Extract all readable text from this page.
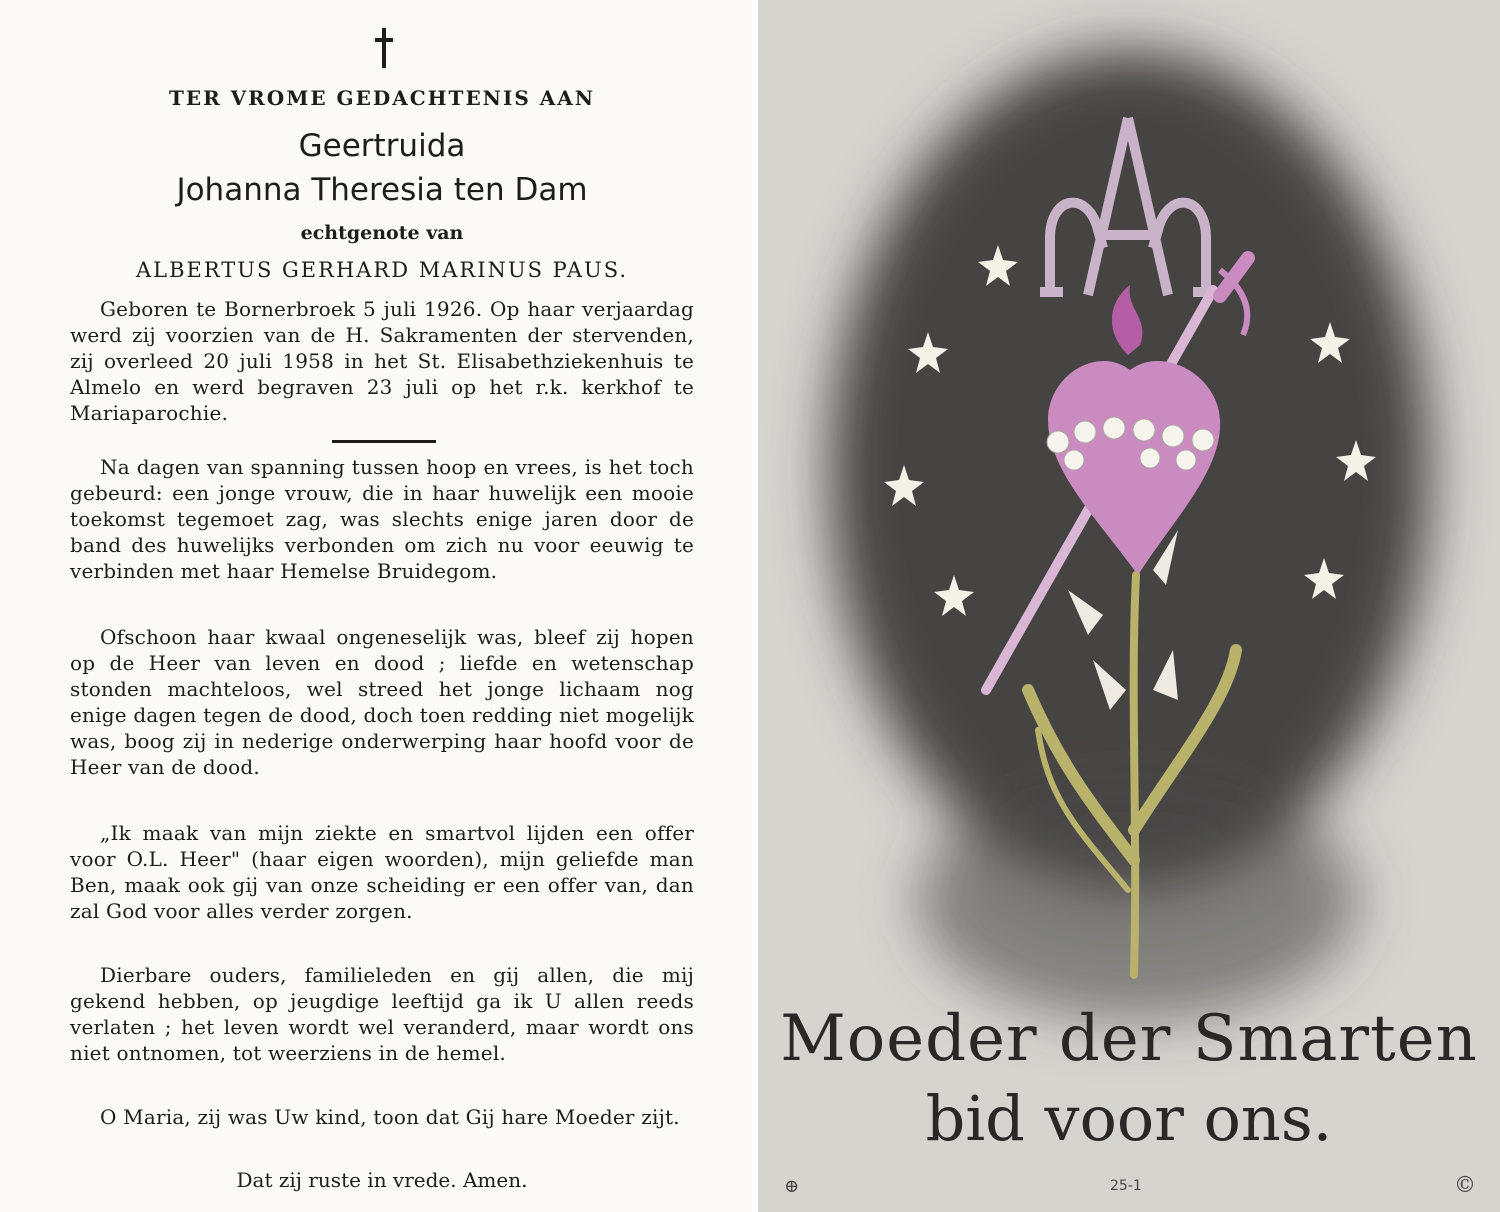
TER VROME GEDACHTENIS AAN
Geertruida
Johanna Theresia ten Dam
echtgenote van
ALBERTUS GERHARD MARINUS PAUS.
Geboren te Bornerbroek 5 juli 1926. Op haar verjaardag werd zij voorzien van de H. Sakramenten der stervenden, zij overleed 20 juli 1958 in het St. Elisabethziekenhuis te Almelo en werd begraven 23 juli op het r.k. kerkhof te Mariaparochie.
Na dagen van spanning tussen hoop en vrees, is het toch gebeurd: een jonge vrouw, die in haar huwelijk een mooie toekomst tegemoet zag, was slechts enige jaren door de band des huwelijks verbonden om zich nu voor eeuwig te verbinden met haar Hemelse Bruidegom.
Ofschoon haar kwaal ongeneselijk was, bleef zij hopen op de Heer van leven en dood ; liefde en wetenschap stonden machteloos, wel streed het jonge lichaam nog enige dagen tegen de dood, doch toen redding niet mogelijk was, boog zij in nederige onderwerping haar hoofd voor de Heer van de dood.
„Ik maak van mijn ziekte en smartvol lijden een offer voor O.L. Heer" (haar eigen woorden), mijn geliefde man Ben, maak ook gij van onze scheiding er een offer van, dan zal God voor alles verder zorgen.
Dierbare ouders, familieleden en gij allen, die mij gekend hebben, op jeugdige leeftijd ga ik U allen reeds verlaten ; het leven wordt wel veranderd, maar wordt ons niet ontnomen, tot weerziens in de hemel.
O Maria, zij was Uw kind, toon dat Gij hare Moeder zijt.
Dat zij ruste in vrede. Amen.	⊕	©
Moeder der Smarten
bid voor ons.
25-1
